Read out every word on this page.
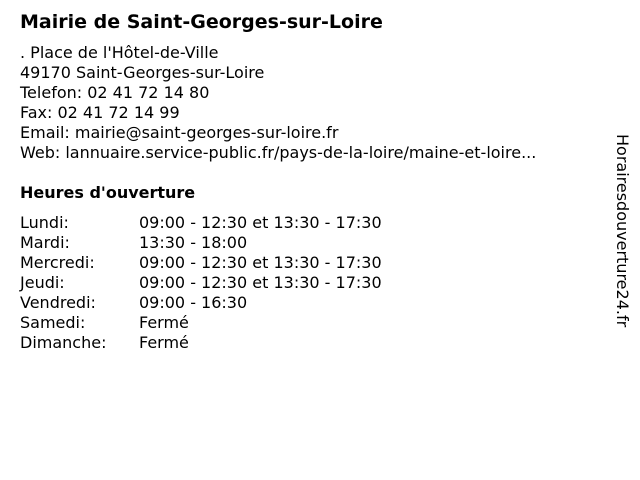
Mairie de Saint-Georges-sur-Loire
. Place de l'Hôtel-de-Ville
49170 Saint-Georges-sur-Loire
Telefon: 02 41 72 14 80
Fax: 02 41 72 14 99
Email: mairie@saint-georges-sur-loire.fr
Web: lannuaire.service-public.fr/pays-de-la-loire/maine-et-loire...
Heures d'ouverture
Lundi:	09:00 - 12:30 et 13:30 - 17:30
Mardi:	13:30 - 18:00
Mercredi:	09:00 - 12:30 et 13:30 - 17:30
Jeudi:	09:00 - 12:30 et 13:30 - 17:30
Vendredi:	09:00 - 16:30
Samedi:	Fermé
Dimanche:	Fermé
Horairesdouverture24.fr
